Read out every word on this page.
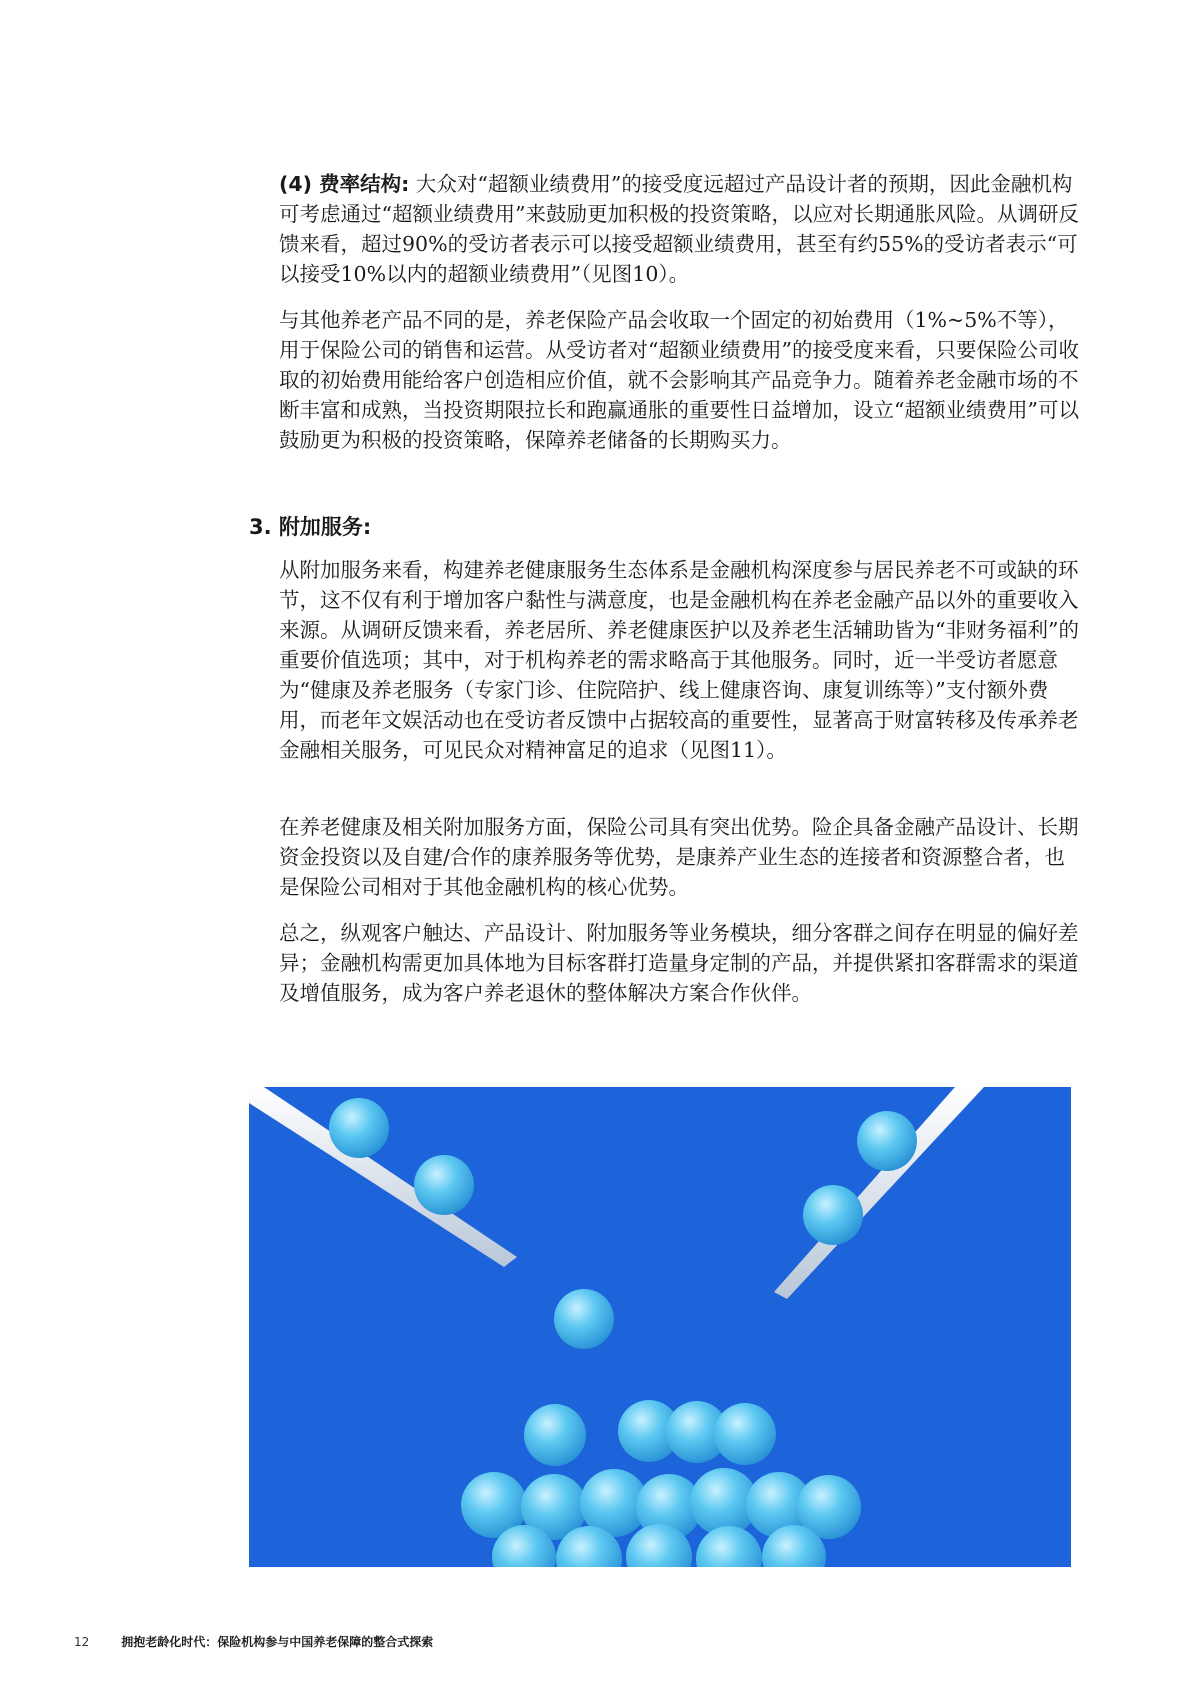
(4) 费率结构: 大众对“超额业绩费用”的接受度远超过产品设计者的预期，因此金融机构可考虑通过“超额业绩费用”来鼓励更加积极的投资策略，以应对长期通胀风险。从调研反馈来看，超过90%的受访者表示可以接受超额业绩费用，甚至有约55%的受访者表示“可以接受10%以内的超额业绩费用”（见图10）。

与其他养老产品不同的是，养老保险产品会收取一个固定的初始费用（1%~5%不等），用于保险公司的销售和运营。从受访者对“超额业绩费用”的接受度来看，只要保险公司收取的初始费用能给客户创造相应价值，就不会影响其产品竞争力。随着养老金融市场的不断丰富和成熟，当投资期限拉长和跑赢通胀的重要性日益增加，设立“超额业绩费用”可以鼓励更为积极的投资策略，保障养老储备的长期购买力。

3. 附加服务:

从附加服务来看，构建养老健康服务生态体系是金融机构深度参与居民养老不可或缺的环节，这不仅有利于增加客户黏性与满意度，也是金融机构在养老金融产品以外的重要收入来源。从调研反馈来看，养老居所、养老健康医护以及养老生活辅助皆为“非财务福利”的重要价值选项；其中，对于机构养老的需求略高于其他服务。同时，近一半受访者愿意为“健康及养老服务（专家门诊、住院陪护、线上健康咨询、康复训练等）”支付额外费用，而老年文娱活动也在受访者反馈中占据较高的重要性，显著高于财富转移及传承养老金融相关服务，可见民众对精神富足的追求（见图11）。

在养老健康及相关附加服务方面，保险公司具有突出优势。险企具备金融产品设计、长期资金投资以及自建/合作的康养服务等优势，是康养产业生态的连接者和资源整合者，也是保险公司相对于其他金融机构的核心优势。

总之，纵观客户触达、产品设计、附加服务等业务模块，细分客群之间存在明显的偏好差异；金融机构需更加具体地为目标客群打造量身定制的产品，并提供紧扣客群需求的渠道及增值服务，成为客户养老退休的整体解决方案合作伙伴。

12	拥抱老龄化时代：保险机构参与中国养老保障的整合式探索
